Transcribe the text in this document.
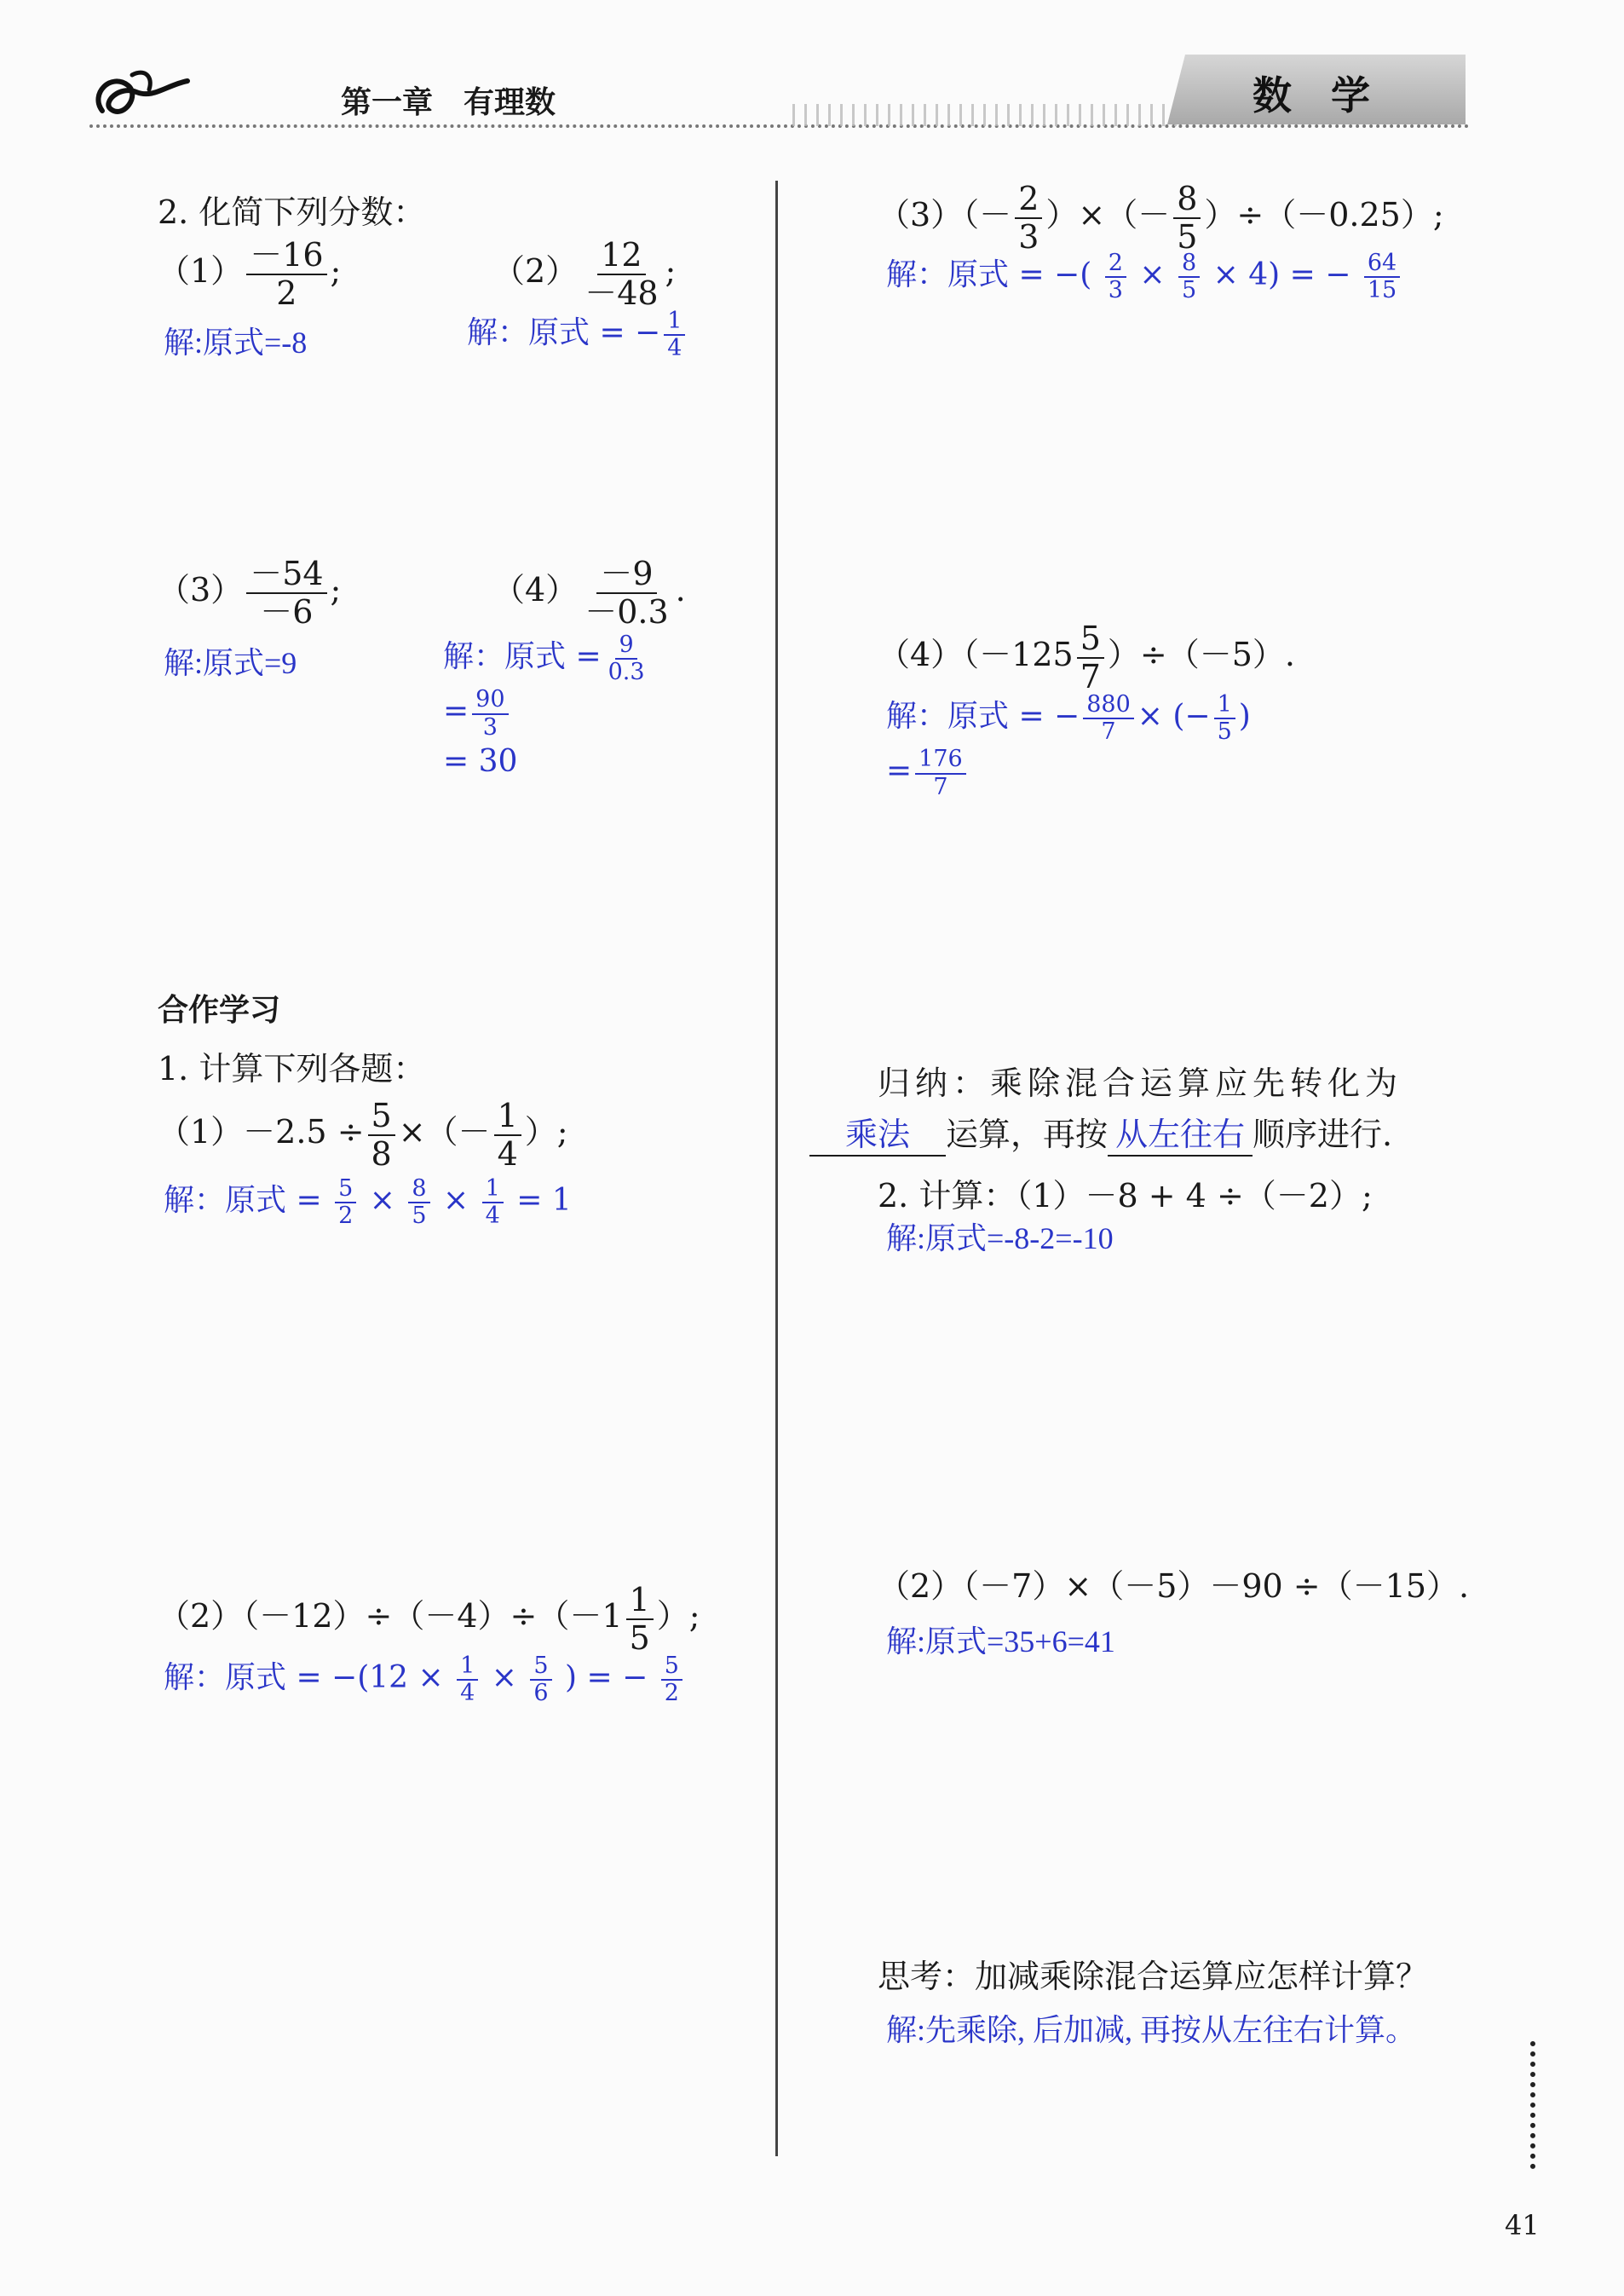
第一章　有理数	数　学
2. 化简下列分数：
$(1) \frac{-16}{2}$ ;
解:原式=-8
$(2) \frac{12}{-48}$ ;
解：原式 = − $\frac{1}{4}$
$(3) \frac{-54}{-6}$ ;
解:原式=9
$(4) \frac{-9}{-0.3}$ .
解：原式 = $\frac{9}{0.3}$
= $\frac{90}{3}$
= 30
合作学习
1. 计算下列各题：
$(1)-2.5 \div \frac{5}{8}$ ×（－ $\frac{1}{4}$ ）;
解：原式 = $\frac{5}{2} \times \frac{8}{5} \times \frac{1}{4} = 1$
$(2)(-12)\div(-4)\div(-1 \frac{1}{5}$ ）;
解：原式 = $-(12 \times \frac{1}{4} \times \frac{5}{6}$ ) = − $\frac{5}{2}$
$(3)(- \frac{2}{3}$ ）×（－ $\frac{8}{5} )\div(-0.25)$;
解：原式 = −( $\frac{2}{3} \times \frac{8}{5} \times 4$) = − $\frac{64}{15}$
$(4)(-125 \frac{5}{7} )\div(-5)$.
解：原式 = − $\frac{880}{7}$ × (− $\frac{1}{5}$ )
= $\frac{176}{7}$
归纳：乘除混合运算应先转化为
乘法 运算，再按 从左往右 顺序进行.
2. 计算：（1）－8 + 4 ÷（－2）;
解:原式=-8-2=-10
（2）（－7）×（－5）－90 ÷（－15）.
解:原式=35+6=41
思考：加减乘除混合运算应怎样计算？
解:先乘除, 后加减, 再按从左往右计算。
41
